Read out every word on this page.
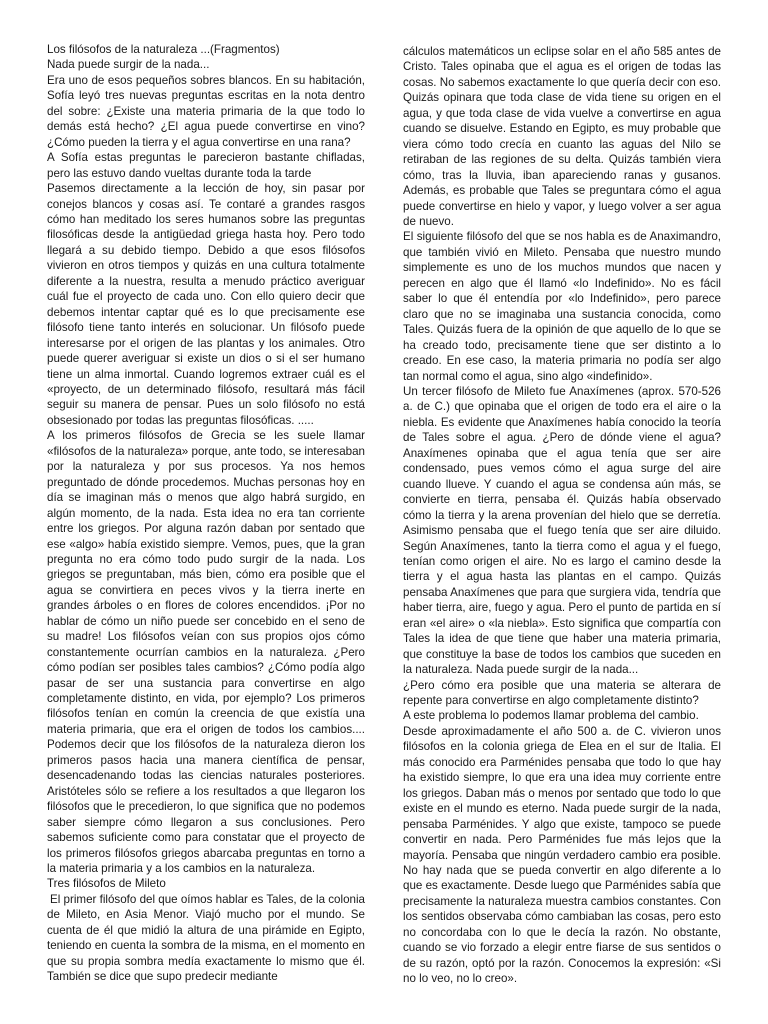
Los filósofos de la naturaleza ...(Fragmentos)

Nada puede surgir de la nada...

Era uno de esos pequeños sobres blancos. En su habitación, Sofía leyó tres nuevas preguntas escritas en la nota dentro del sobre: ¿Existe una materia primaria de la que todo lo demás está hecho? ¿El agua puede convertirse en vino? ¿Cómo pueden la tierra y el agua convertirse en una rana?

A Sofía estas preguntas le parecieron bastante chifladas, pero las estuvo dando vueltas durante toda la tarde

Pasemos directamente a la lección de hoy, sin pasar por conejos blancos y cosas así. Te contaré a grandes rasgos cómo han meditado los seres humanos sobre las preguntas filosóficas desde la antigüedad griega hasta hoy. Pero todo llegará a su debido tiempo. Debido a que esos filósofos vivieron en otros tiempos y quizás en una cultura totalmente diferente a la nuestra, resulta a menudo práctico averiguar cuál fue el proyecto de cada uno. Con ello quiero decir que debemos intentar captar qué es lo que precisamente ese filósofo tiene tanto interés en solucionar. Un filósofo puede interesarse por el origen de las plantas y los animales. Otro puede querer averiguar si existe un dios o si el ser humano tiene un alma inmortal. Cuando logremos extraer cuál es el «proyecto, de un determinado filósofo, resultará más fácil seguir su manera de pensar. Pues un solo filósofo no está obsesionado por todas las preguntas filosóficas. .....

A los primeros filósofos de Grecia se les suele llamar «filósofos de la naturaleza» porque, ante todo, se interesaban por la naturaleza y por sus procesos. Ya nos hemos preguntado de dónde procedemos. Muchas personas hoy en día se imaginan más o menos que algo habrá surgido, en algún momento, de la nada. Esta idea no era tan corriente entre los griegos. Por alguna razón daban por sentado que ese «algo» había existido siempre. Vemos, pues, que la gran pregunta no era cómo todo pudo surgir de la nada. Los griegos se preguntaban, más bien, cómo era posible que el agua se convirtiera en peces vivos y la tierra inerte en grandes árboles o en flores de colores encendidos. ¡Por no hablar de cómo un niño puede ser concebido en el seno de su madre! Los filósofos veían con sus propios ojos cómo constantemente ocurrían cambios en la naturaleza. ¿Pero cómo podían ser posibles tales cambios? ¿Cómo podía algo pasar de ser una sustancia para convertirse en algo completamente distinto, en vida, por ejemplo? Los primeros filósofos tenían en común la creencia de que existía una materia primaria, que era el origen de todos los cambios.... Podemos decir que los filósofos de la naturaleza dieron los primeros pasos hacia una manera científica de pensar, desencadenando todas las ciencias naturales posteriores. Aristóteles sólo se refiere a los resultados a que llegaron los filósofos que le precedieron, lo que significa que no podemos saber siempre cómo llegaron a sus conclusiones. Pero sabemos suficiente como para constatar que el proyecto de los primeros filósofos griegos abarcaba preguntas en torno a la materia primaria y a los cambios en la naturaleza.

Tres filósofos de Mileto

El primer filósofo del que oímos hablar es Tales, de la colonia de Mileto, en Asia Menor. Viajó mucho por el mundo. Se cuenta de él que midió la altura de una pirámide en Egipto, teniendo en cuenta la sombra de la misma, en el momento en que su propia sombra medía exactamente lo mismo que él. También se dice que supo predecir mediante

cálculos matemáticos un eclipse solar en el año 585 antes de Cristo. Tales opinaba que el agua es el origen de todas las cosas. No sabemos exactamente lo que quería decir con eso. Quizás opinara que toda clase de vida tiene su origen en el agua, y que toda clase de vida vuelve a convertirse en agua cuando se disuelve. Estando en Egipto, es muy probable que viera cómo todo crecía en cuanto las aguas del Nilo se retiraban de las regiones de su delta. Quizás también viera cómo, tras la lluvia, iban apareciendo ranas y gusanos. Además, es probable que Tales se preguntara cómo el agua puede convertirse en hielo y vapor, y luego volver a ser agua de nuevo.

El siguiente filósofo del que se nos habla es de Anaximandro, que también vivió en Mileto. Pensaba que nuestro mundo simplemente es uno de los muchos mundos que nacen y perecen en algo que él llamó «lo Indefinido». No es fácil saber lo que él entendía por «lo Indefinido», pero parece claro que no se imaginaba una sustancia conocida, como Tales. Quizás fuera de la opinión de que aquello de lo que se ha creado todo, precisamente tiene que ser distinto a lo creado. En ese caso, la materia primaria no podía ser algo tan normal como el agua, sino algo «indefinido».

Un tercer filósofo de Mileto fue Anaxímenes (aprox. 570-526 a. de C.) que opinaba que el origen de todo era el aire o la niebla. Es evidente que Anaxímenes había conocido la teoría de Tales sobre el agua. ¿Pero de dónde viene el agua? Anaxímenes opinaba que el agua tenía que ser aire condensado, pues vemos cómo el agua surge del aire cuando llueve. Y cuando el agua se condensa aún más, se convierte en tierra, pensaba él. Quizás había observado cómo la tierra y la arena provenían del hielo que se derretía. Asimismo pensaba que el fuego tenía que ser aire diluido. Según Anaxímenes, tanto la tierra como el agua y el fuego, tenían como origen el aire. No es largo el camino desde la tierra y el agua hasta las plantas en el campo. Quizás pensaba Anaxímenes que para que surgiera vida, tendría que haber tierra, aire, fuego y agua. Pero el punto de partida en sí eran «el aire» o «la niebla». Esto significa que compartía con Tales la idea de que tiene que haber una materia primaria, que constituye la base de todos los cambios que suceden en la naturaleza. Nada puede surgir de la nada...

¿Pero cómo era posible que una materia se alterara de repente para convertirse en algo completamente distinto?

A este problema lo podemos llamar problema del cambio.

Desde aproximadamente el año 500 a. de C. vivieron unos filósofos en la colonia griega de Elea en el sur de Italia. El más conocido era Parménides pensaba que todo lo que hay ha existido siempre, lo que era una idea muy corriente entre los griegos. Daban más o menos por sentado que todo lo que existe en el mundo es eterno. Nada puede surgir de la nada, pensaba Parménides. Y algo que existe, tampoco se puede convertir en nada. Pero Parménides fue más lejos que la mayoría. Pensaba que ningún verdadero cambio era posible. No hay nada que se pueda convertir en algo diferente a lo que es exactamente. Desde luego que Parménides sabía que precisamente la naturaleza muestra cambios constantes. Con los sentidos observaba cómo cambiaban las cosas, pero esto no concordaba con lo que le decía la razón. No obstante, cuando se vio forzado a elegir entre fiarse de sus sentidos o de su razón, optó por la razón. Conocemos la expresión: «Si no lo veo, no lo creo».
